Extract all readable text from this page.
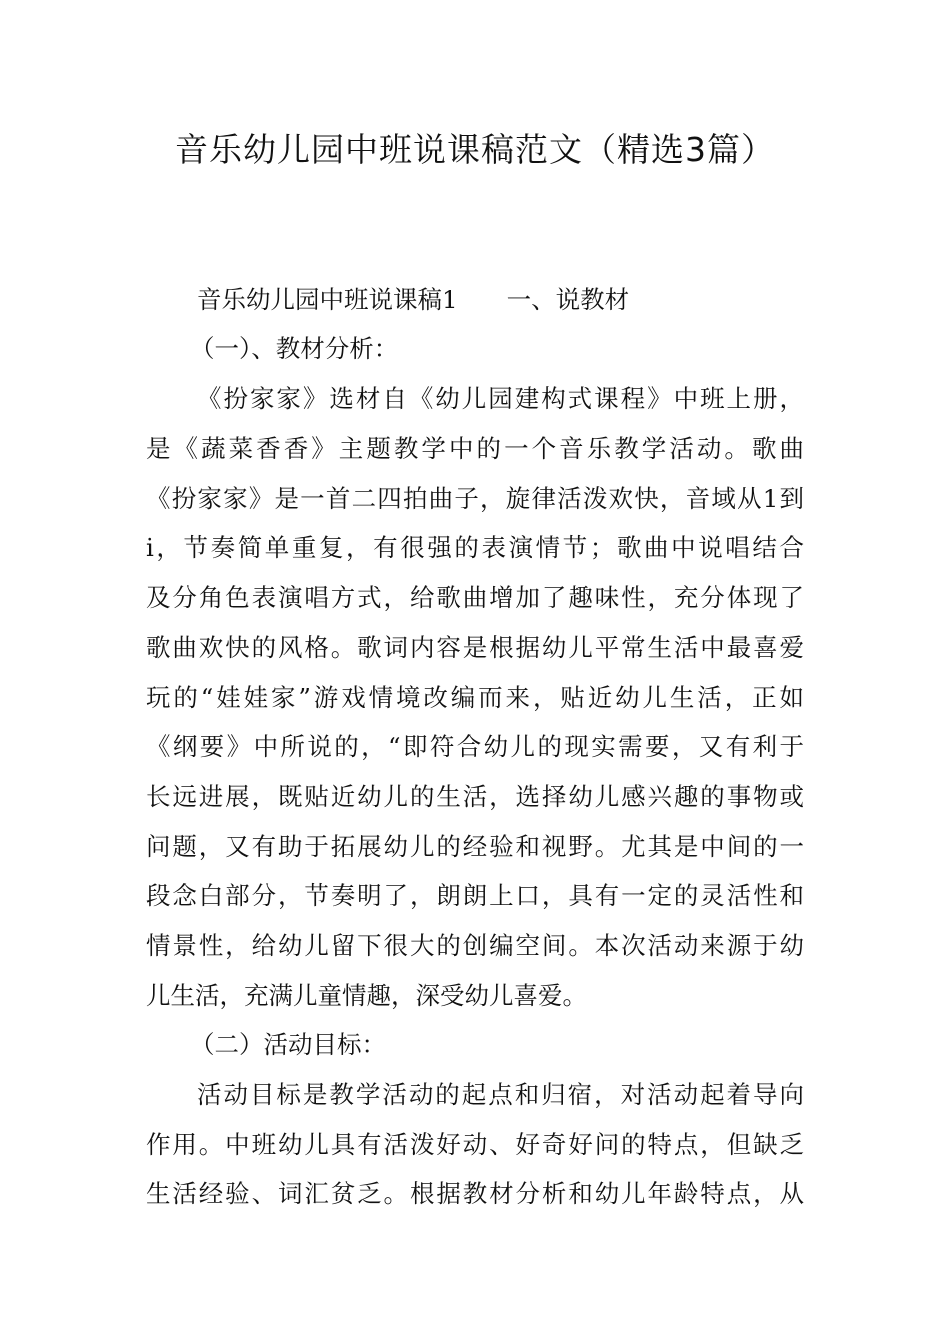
音乐幼儿园中班说课稿范文（精选3篇）
音乐幼儿园中班说课稿1　　一、说教材
（一）、教材分析：
《扮家家》选材自《幼儿园建构式课程》中班上册，
是《蔬菜香香》主题教学中的一个音乐教学活动。歌曲
《扮家家》是一首二四拍曲子，旋律活泼欢快，音域从1到
ⅰ，节奏简单重复，有很强的表演情节；歌曲中说唱结合
及分角色表演唱方式，给歌曲增加了趣味性，充分体现了
歌曲欢快的风格。歌词内容是根据幼儿平常生活中最喜爱
玩的“娃娃家”游戏情境改编而来，贴近幼儿生活，正如
《纲要》中所说的，“即符合幼儿的现实需要，又有利于
长远进展，既贴近幼儿的生活，选择幼儿感兴趣的事物或
问题，又有助于拓展幼儿的经验和视野。尤其是中间的一
段念白部分，节奏明了，朗朗上口，具有一定的灵活性和
情景性，给幼儿留下很大的创编空间。本次活动来源于幼
儿生活，充满儿童情趣，深受幼儿喜爱。
（二）活动目标：
活动目标是教学活动的起点和归宿，对活动起着导向
作用。中班幼儿具有活泼好动、好奇好问的特点，但缺乏
生活经验、词汇贫乏。根据教材分析和幼儿年龄特点，从
